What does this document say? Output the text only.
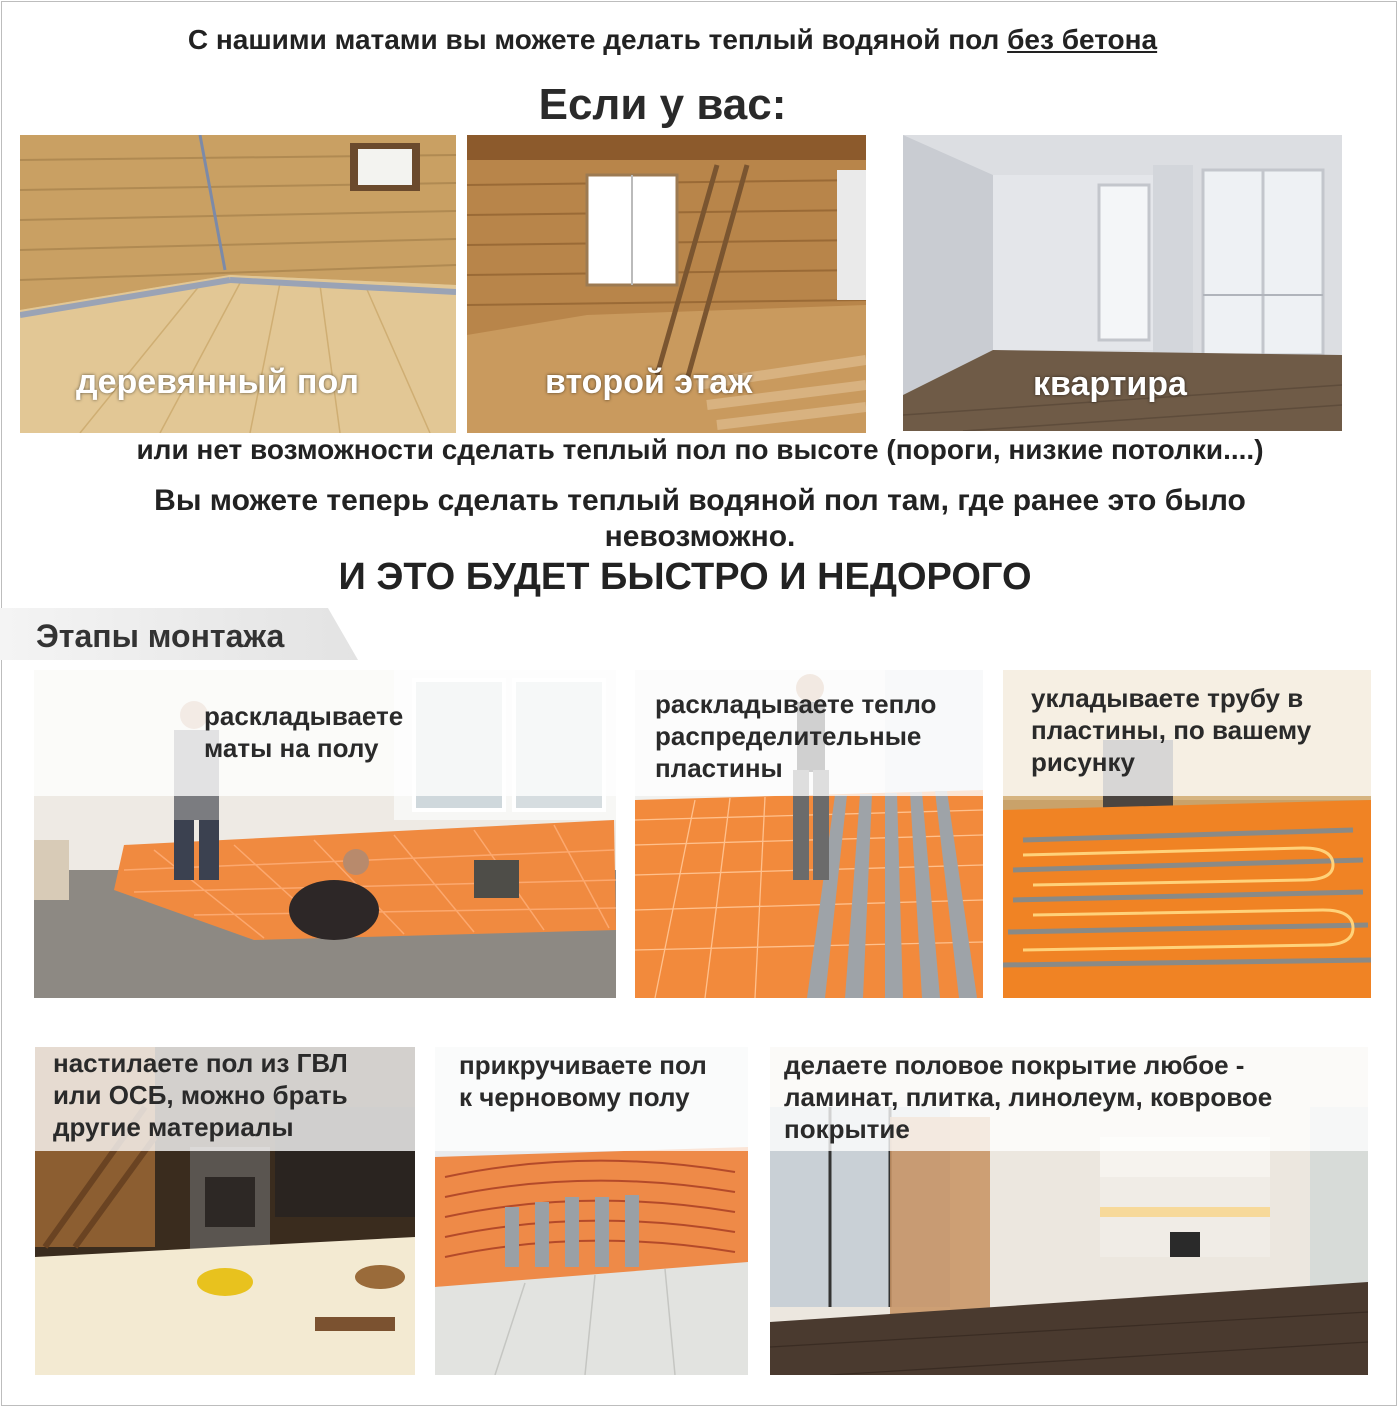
С нашими матами вы можете делать теплый водяной пол без бетона
Если у вас:
деревянный пол	второй этаж	квартира
или нет возможности сделать теплый пол по высоте (пороги, низкие потолки....)
Вы можете теперь сделать теплый водяной пол там, где ранее это было
невозможно.
И ЭТО БУДЕТ БЫСТРО И НЕДОРОГО
Этапы монтажа
раскладываете
маты на полу
раскладываете тепло
распределительные
пластины
укладываете трубу в
пластины, по вашему
рисунку
настилаете пол из ГВЛ
или ОСБ, можно брать
другие материалы
прикручиваете пол
к черновому полу
делаете половое покрытие любое -
ламинат, плитка, линолеум, ковровое
покрытие
